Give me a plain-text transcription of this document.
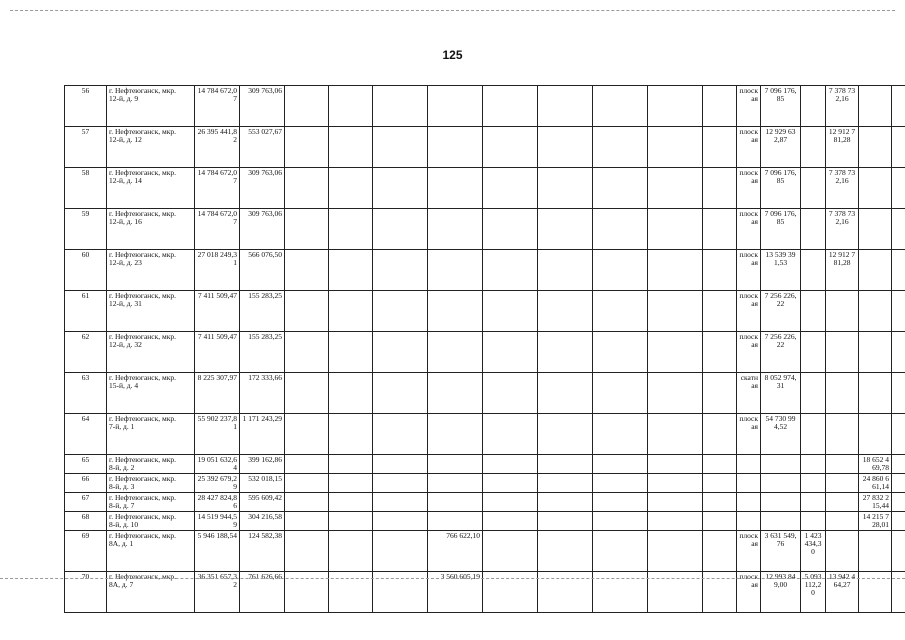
125
56	г. Нефтеюганск, мкр.
12-й, д. 9	14 784 672,07	309 763,06										плоская	7 096 176,85		7 378 732,16		
57	г. Нефтеюганск, мкр.
12-й, д. 12	26 395 441,82	553 027,67										плоская	12 929 632,87		12 912 781,28		
58	г. Нефтеюганск, мкр.
12-й, д. 14	14 784 672,07	309 763,06										плоская	7 096 176,85		7 378 732,16		
59	г. Нефтеюганск, мкр.
12-й, д. 16	14 784 672,07	309 763,06										плоская	7 096 176,85		7 378 732,16		
60	г. Нефтеюганск, мкр.
12-й, д. 23	27 018 249,31	566 076,50										плоская	13 539 391,53		12 912 781,28		
61	г. Нефтеюганск, мкр.
12-й, д. 31	7 411 509,47	155 283,25										плоская	7 256 226,22				
62	г. Нефтеюганск, мкр.
12-й, д. 32	7 411 509,47	155 283,25										плоская	7 256 226,22				
63	г. Нефтеюганск, мкр.
15-й, д. 4	8 225 307,97	172 333,66										скатная	8 052 974,31				
64	г. Нефтеюганск, мкр.
7-й, д. 1	55 902 237,81	1 171 243,29										плоская	54 730 994,52				
65	г. Нефтеюганск, мкр.
8-й, д. 2	19 051 632,64	399 162,86														18 652 469,78	
66	г. Нефтеюганск, мкр.
8-й, д. 3	25 392 679,29	532 018,15														24 860 661,14	
67	г. Нефтеюганск, мкр.
8-й, д. 7	28 427 824,86	595 609,42														27 832 215,44	
68	г. Нефтеюганск, мкр.
8-й, д. 10	14 519 944,59	304 216,58														14 215 728,01	
69	г. Нефтеюганск, мкр.
8А, д. 1	5 946 188,54	124 582,38				766 622,10						плоская	3 631 549,76	1 423 434,30			
70	г. Нефтеюганск, мкр.
8А, д. 7	36 351 657,32	761 626,66				3 560 605,19						плоская	12 993 849,00	5 093 112,20	13 942 464,27		
